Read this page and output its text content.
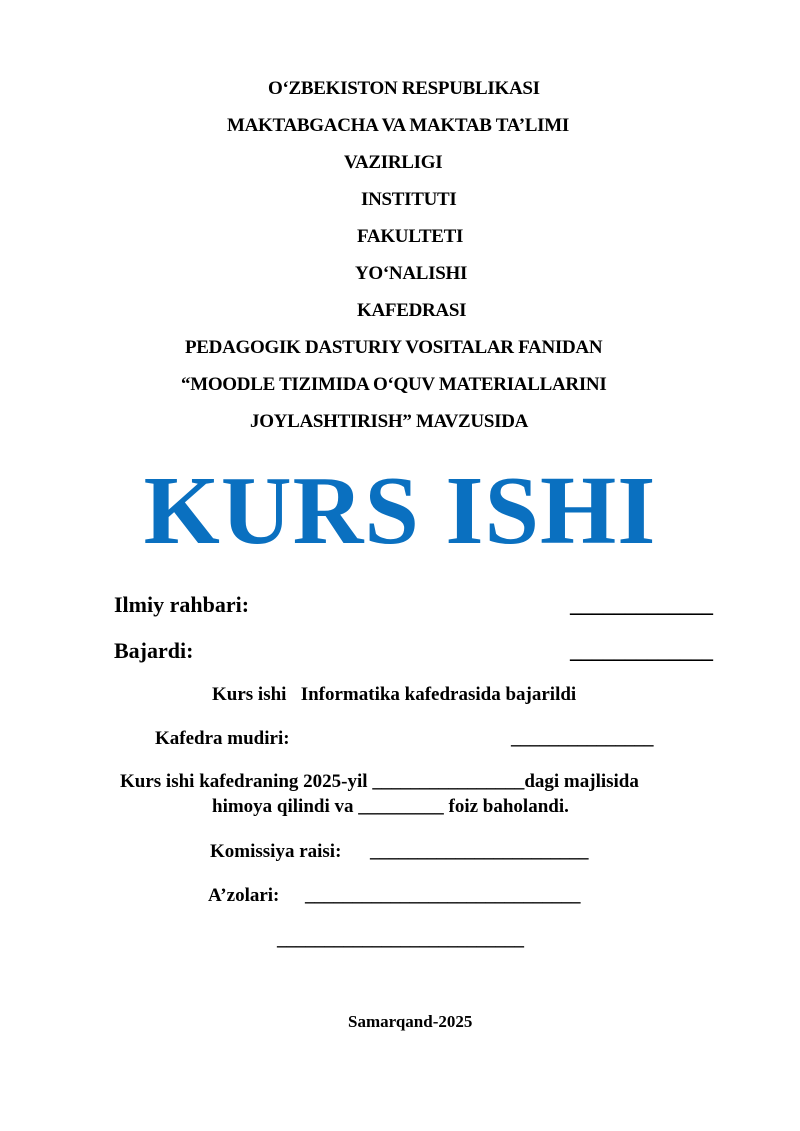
O‘ZBEKISTON RESPUBLIKASI
MAKTABGACHA VA MAKTAB TA’LIMI
VAZIRLIGI
INSTITUTI
FAKULTETI
YO‘NALISHI
KAFEDRASI
PEDAGOGIK DASTURIY VOSITALAR FANIDAN
“MOODLE TIZIMIDA O‘QUV MATERIALLARINI
JOYLASHTIRISH” MAVZUSIDA
KURS ISHI
Ilmiy rahbari:	_____________
Bajardi:	_____________
Kurs ishi   Informatika kafedrasida bajarildi
Kafedra mudiri:	_______________
Kurs ishi kafedraning 2025-yil ________________dagi majlisida
himoya qilindi va _________ foiz baholandi.
Komissiya raisi: _______________________
A’zolari: _____________________________
__________________________
Samarqand-2025
